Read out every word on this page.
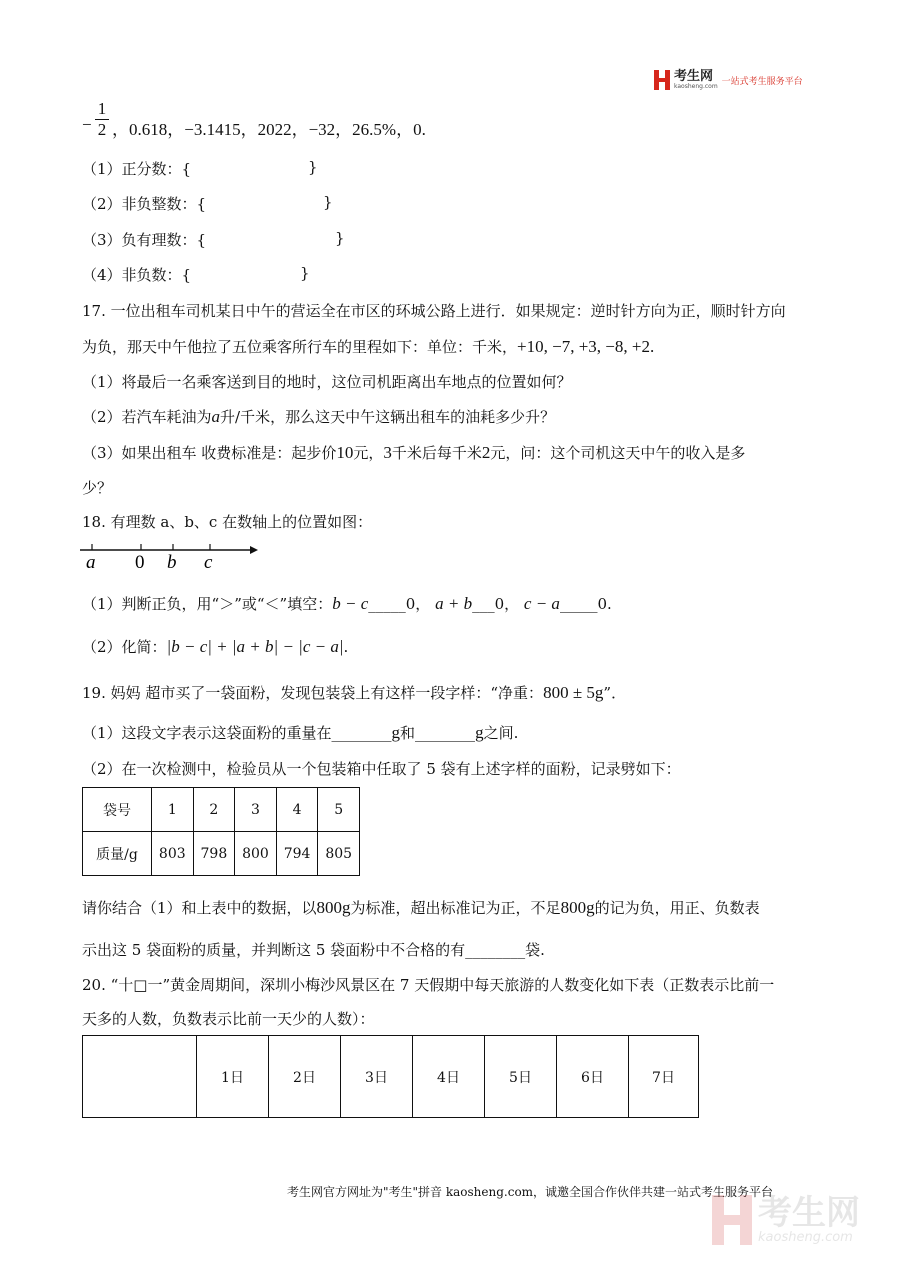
考生网
kaosheng.com 一站式考生服务平台
−
1
2 ，0.618，−3.1415，2022，−32，26.5%，0.
（1）正分数：{	}
（2）非负整数：{	}
（3）负有理数：{	}
（4）非负数：{	}
17. 一位出租车司机某日中午的营运全在市区的环城公路上进行．如果规定：逆时针方向为正，顺时针方向
为负，那天中午他拉了五位乘客所行车的里程如下：单位：千米，+10, −7, +3, −8, +2.
（1）将最后一名乘客送到目的地时，这位司机距离出车地点的位置如何？
（2）若汽车耗油为a升/千米，那么这天中午这辆出租车的油耗多少升？
（3）如果出租车 收费标准是：起步价10元，3千米后每千米2元，问：这个司机这天中午的收入是多
少？
18. 有理数 a、b、c 在数轴上的位置如图：
a 0 b c
（1）判断正负，用“＞”或“＜”填空：b − c_____0， a + b___0， c − a_____0.
（2）化简：|b − c| + |a + b| − |c − a|.
19. 妈妈 超市买了一袋面粉，发现包装袋上有这样一段字样：“净重：800 ± 5g”．
（1）这段文字表示这袋面粉的重量在________g和________g之间.
（2）在一次检测中，检验员从一个包装箱中任取了 5 袋有上述字样的面粉，记录劈如下：
袋号	1	2	3	4	5
质量/g	803	798	800	794	805
请你结合（1）和上表中的数据，以800g为标准，超出标准记为正，不足800g的记为负，用正、负数表
示出这 5 袋面粉的质量，并判断这 5 袋面粉中不合格的有________袋.
20. “十□一”黄金周期间，深圳小梅沙风景区在 7 天假期中每天旅游的人数变化如下表（正数表示比前一
天多的人数，负数表示比前一天少的人数）：
	1日	2日	3日	4日	5日	6日	7日
考生网官方网址为"考生"拼音 kaosheng.com，诚邀全国合作伙伴共建一站式考生服务平台
考生网
kaosheng.com
